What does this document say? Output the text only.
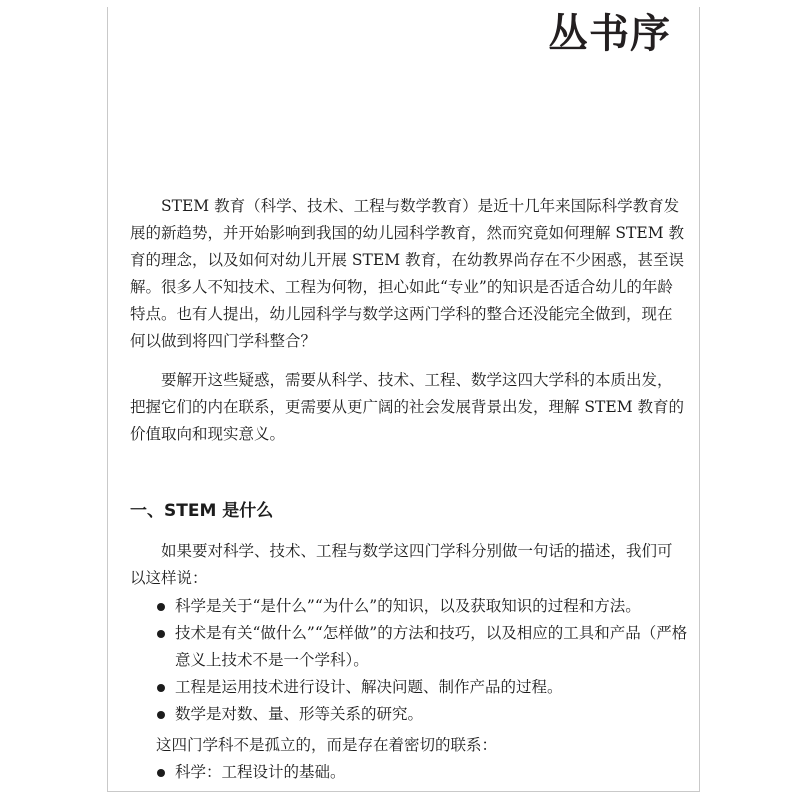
丛书序

STEM 教育（科学、技术、工程与数学教育）是近十几年来国际科学教育发展的新趋势，并开始影响到我国的幼儿园科学教育，然而究竟如何理解 STEM 教育的理念，以及如何对幼儿开展 STEM 教育，在幼教界尚存在不少困惑，甚至误解。很多人不知技术、工程为何物，担心如此“专业”的知识是否适合幼儿的年龄特点。也有人提出，幼儿园科学与数学这两门学科的整合还没能完全做到，现在何以做到将四门学科整合？

要解开这些疑惑，需要从科学、技术、工程、数学这四大学科的本质出发，把握它们的内在联系，更需要从更广阔的社会发展背景出发，理解 STEM 教育的价值取向和现实意义。

一、STEM 是什么

如果要对科学、技术、工程与数学这四门学科分别做一句话的描述，我们可以这样说：

科学是关于“是什么”“为什么”的知识，以及获取知识的过程和方法。
技术是有关“做什么”“怎样做”的方法和技巧，以及相应的工具和产品（严格意义上技术不是一个学科）。
工程是运用技术进行设计、解决问题、制作产品的过程。
数学是对数、量、形等关系的研究。

这四门学科不是孤立的，而是存在着密切的联系：

科学：工程设计的基础。
